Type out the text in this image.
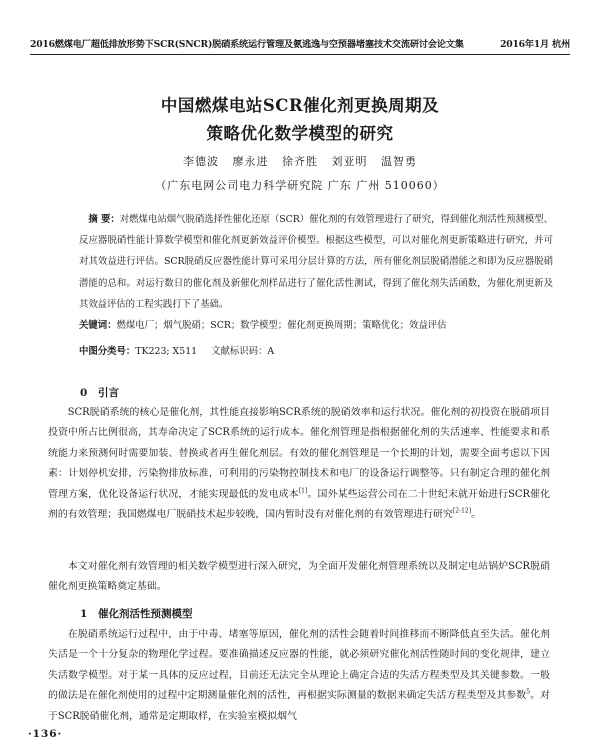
2016燃煤电厂超低排放形势下SCR(SNCR)脱硝系统运行管理及氨逃逸与空预器堵塞技术交流研讨会论文集	2016年1月 杭州
中国燃煤电站SCR催化剂更换周期及
策略优化数学模型的研究
李德波 廖永进 徐齐胜 刘亚明 温智勇
（广东电网公司电力科学研究院 广东 广州 510060）
摘 要：对燃煤电站烟气脱硝选择性催化还原（SCR）催化剂的有效管理进行了研究，得到催化剂活性预测模型、反应器脱硝性能计算数学模型和催化剂更新效益评价模型。根据这些模型，可以对催化剂更新策略进行研究，并可对其效益进行评估。SCR脱硝反应器性能计算可采用分层计算的方法，所有催化剂层脱硝潜能之和即为反应器脱硝潜能的总和。对运行数日的催化剂及新催化剂样品进行了催化活性测试，得到了催化剂失活函数，为催化剂更新及其效益评估的工程实践打下了基础。
关键词：燃煤电厂；烟气脱硝；SCR；数学模型；催化剂更换周期；策略优化；效益评估
中图分类号：TK223; X511 文献标识码：A
0 引言
SCR脱硝系统的核心是催化剂，其性能直接影响SCR系统的脱硝效率和运行状况。催化剂的初投资在脱硝项目投资中所占比例很高，其寿命决定了SCR系统的运行成本。催化剂管理是指根据催化剂的失活速率、性能要求和系统能力来预测何时需要加装、替换或者再生催化剂层。有效的催化剂管理是一个长期的计划，需要全面考虑以下因素：计划停机安排，污染物排放标准，可利用的污染物控制技术和电厂的设备运行调整等。只有制定合理的催化剂管理方案，优化设备运行状况，才能实现最低的发电成本[1]。国外某些运营公司在二十世纪末就开始进行SCR催化剂的有效管理；我国燃煤电厂脱硝技术起步较晚，国内暂时没有对催化剂的有效管理进行研究[2-12]。
本文对催化剂有效管理的相关数学模型进行深入研究，为全面开发催化剂管理系统以及制定电站锅炉SCR脱硝催化剂更换策略奠定基础。
1 催化剂活性预测模型
在脱硝系统运行过程中，由于中毒、堵塞等原因，催化剂的活性会随着时间推移而不断降低直至失活。催化剂失活是一个十分复杂的物理化学过程。要准确描述反应器的性能，就必须研究催化剂活性随时间的变化规律，建立失活数学模型。对于某一具体的反应过程，目前还无法完全从理论上确定合适的失活方程类型及其关键参数。一般的做法是在催化剂使用的过程中定期测量催化剂的活性，再根据实际测量的数据来确定失活方程类型及其参数$^5$。对于SCR脱硝催化剂，通常是定期取样，在实验室模拟烟气
·136·
